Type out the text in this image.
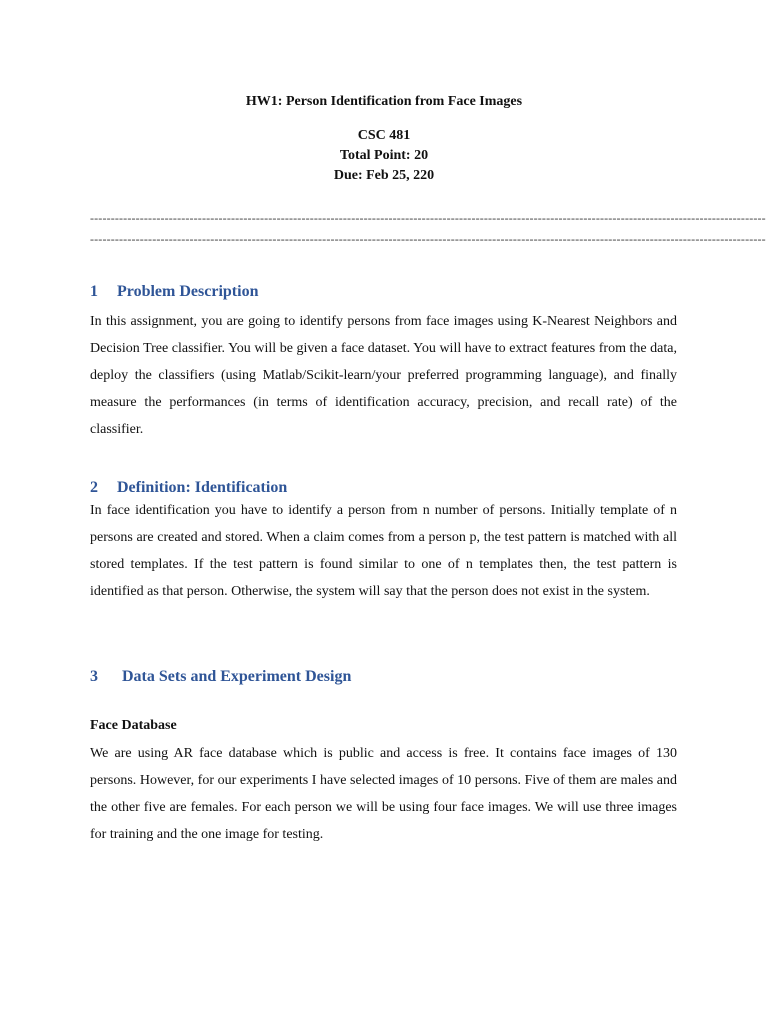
HW1: Person Identification from Face Images
CSC 481
Total Point: 20
Due: Feb 25, 220
-------------------------------------------------------------------------------------------------------------------------------------------------------------------
-------------------------------------------------------------------------------------------------------------------------------------------------------------------
1 Problem Description
In this assignment, you are going to identify persons from face images using K-Nearest Neighbors and Decision Tree classifier. You will be given a face dataset. You will have to extract features from the data, deploy the classifiers (using Matlab/Scikit-learn/your preferred programming language), and finally measure the performances (in terms of identification accuracy, precision, and recall rate) of the classifier.
2 Definition: Identification
In face identification you have to identify a person from n number of persons. Initially template of n persons are created and stored. When a claim comes from a person p, the test pattern is matched with all stored templates. If the test pattern is found similar to one of n templates then, the test pattern is identified as that person. Otherwise, the system will say that the person does not exist in the system.
3 Data Sets and Experiment Design
Face Database
We are using AR face database which is public and access is free. It contains face images of 130 persons. However, for our experiments I have selected images of 10 persons. Five of them are males and the other five are females. For each person we will be using four face images. We will use three images for training and the one image for testing.
